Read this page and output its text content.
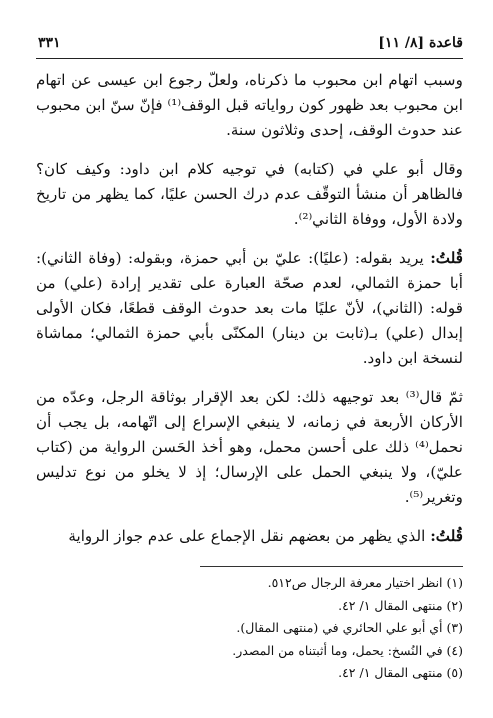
قاعدة [٨/ ١١]
٣٣١

وسبب اتهام ابن محبوب ما ذكرناه، ولعلّ رجوع ابن عيسى عن اتهام ابن محبوب بعد ظهور كون رواياته قبل الوقف⁽¹⁾ فإنّ سنّ ابن محبوب عند حدوث الوقف، إحدى وثلاثون سنة.

وقال أبو علي في (كتابه) في توجيه كلام ابن داود: وكيف كان؟ فالظاهر أن منشأ التوقّف عدم درك الحسن عليًا، كما يظهر من تاريخ ولادة الأول، ووفاة الثاني⁽²⁾.

قُلتُ: يريد بقوله: (عليًا): عليّ بن أبي حمزة، وبقوله: (وفاة الثاني): أبا حمزة الثمالي، لعدم صحّة العبارة على تقدير إرادة (علي) من قوله: (الثاني)، لأنّ عليًا مات بعد حدوث الوقف قطعًا، فكان الأولى إبدال (علي) بـ(ثابت بن دينار) المكنّى بأبي حمزة الثمالي؛ مماشاة لنسخة ابن داود.

ثمّ قال⁽³⁾ بعد توجيهه ذلك: لكن بعد الإقرار بوثاقة الرجل، وعدّه من الأركان الأربعة في زمانه، لا ينبغي الإسراع إلى اتّهامه، بل يجب أن نحمل⁽⁴⁾ ذلك على أحسن محمل، وهو أخذ الحَسن الرواية من (كتاب عليّ)، ولا ينبغي الحمل على الإرسال؛ إذ لا يخلو من نوع تدليس وتغرير⁽⁵⁾.

قُلتُ: الذي يظهر من بعضهم نقل الإجماع على عدم جواز الرواية

(١) انظر اختيار معرفة الرجال ص٥١٢.

(٢) منتهى المقال ١/ ٤٢.

(٣) أي أبو علي الحائري في (منتهى المقال).

(٤) في النُسخ: يحمل، وما أثبتناه من المصدر.

(٥) منتهى المقال ١/ ٤٢.
